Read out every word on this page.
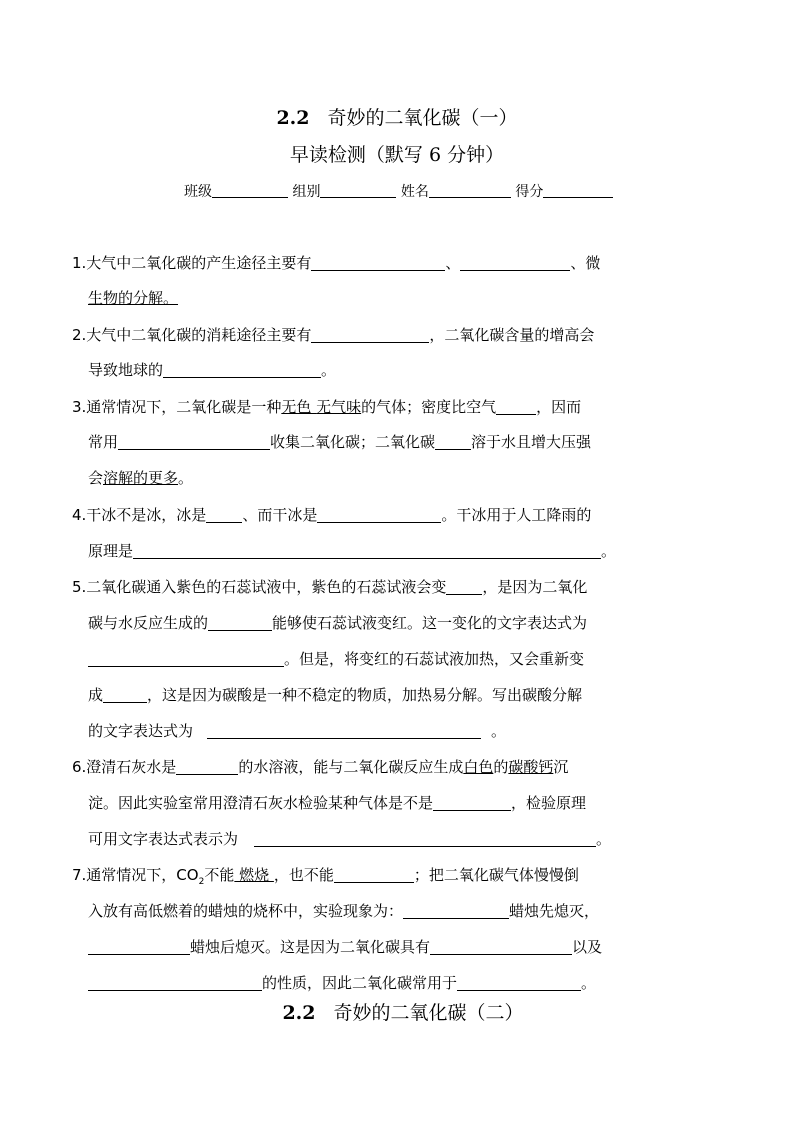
2.2 奇妙的二氧化碳（一）
早读检测（默写 6 分钟）
班级	组别	姓名	得分
1.大气中二氧化碳的产生途径主要有	、	、微
生物的分解。
2.大气中二氧化碳的消耗途径主要有	，二氧化碳含量的增高会
导致地球的	。
3.通常情况下，二氧化碳是一种无色 无气味的气体；密度比空气	，因而
常用	收集二氧化碳；二氧化碳 溶于水且增大压强
会溶解的更多。
4.干冰不是冰，冰是 、而干冰是	。干冰用于人工降雨的
原理是	。
5.二氧化碳通入紫色的石蕊试液中，紫色的石蕊试液会变 ，是因为二氧化
碳与水反应生成的	能够使石蕊试液变红。这一变化的文字表达式为
。但是，将变红的石蕊试液加热，又会重新变
成	，这是因为碳酸是一种不稳定的物质，加热易分解。写出碳酸分解
的文字表达式为	。
6.澄清石灰水是	的水溶液，能与二氧化碳反应生成白色的碳酸钙沉
淀。因此实验室常用澄清石灰水检验某种气体是不是	，检验原理
可用文字表达式表示为	。
7.通常情况下，$CO_2$不能 燃烧 ，也不能	；把二氧化碳气体慢慢倒
入放有高低燃着的蜡烛的烧杯中，实验现象为：	蜡烛先熄灭，
蜡烛后熄灭。这是因为二氧化碳具有	以及
的性质，因此二氧化碳常用于	。
2.2 奇妙的二氧化碳（二）
